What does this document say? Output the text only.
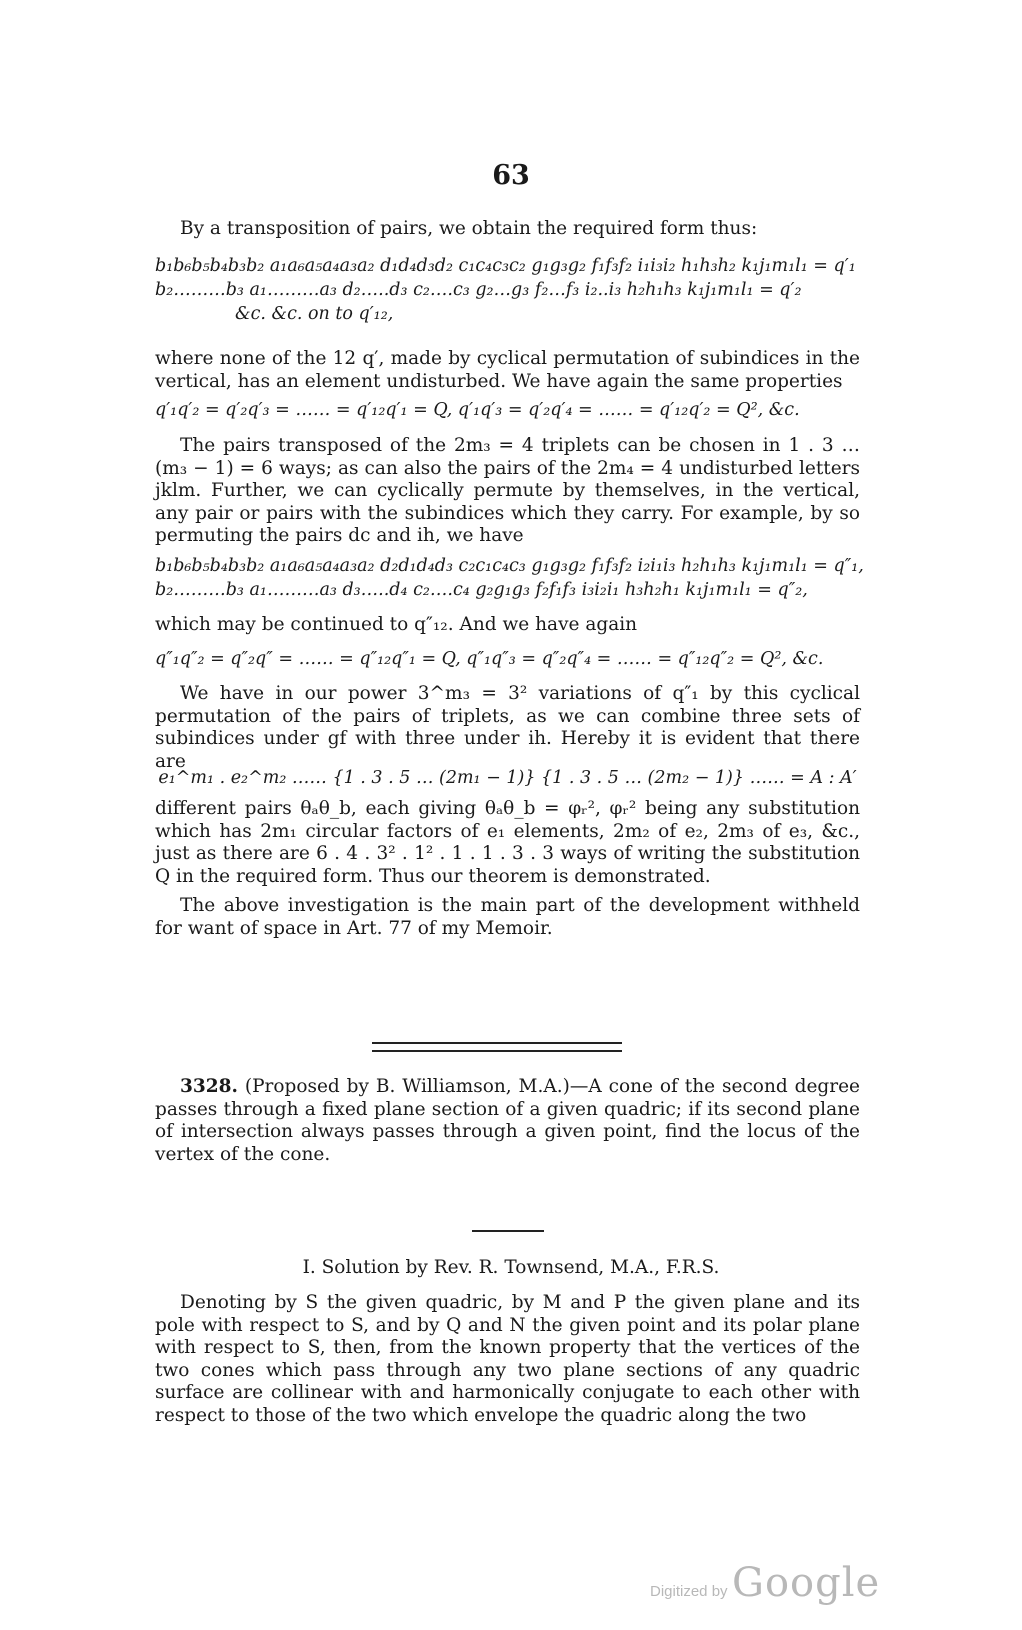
63

By a transposition of pairs, we obtain the required form thus:

b₁b₆b₅b₄b₃b₂ a₁a₆a₅a₄a₃a₂ d₁d₄d₃d₂ c₁c₄c₃c₂ g₁g₃g₂ f₁f₃f₂ i₁i₃i₂ h₁h₃h₂ k₁j₁m₁l₁ = q′₁
b₂………b₃ a₁………a₃ d₂…..d₃ c₂….c₃ g₂…g₃ f₂…f₃ i₂..i₃ h₂h₁h₃ k₁j₁m₁l₁ = q′₂
&c. &c. on to q′₁₂,

where none of the 12 q′, made by cyclical permutation of subindices in the vertical, has an element undisturbed. We have again the same properties

q′₁q′₂ = q′₂q′₃ = …… = q′₁₂q′₁ = Q, q′₁q′₃ = q′₂q′₄ = …… = q′₁₂q′₂ = Q², &c.

The pairs transposed of the 2m₃ = 4 triplets can be chosen in 1 . 3 … (m₃ − 1) = 6 ways; as can also the pairs of the 2m₄ = 4 undisturbed letters jklm. Further, we can cyclically permute by themselves, in the vertical, any pair or pairs with the subindices which they carry. For example, by so permuting the pairs dc and ih, we have

b₁b₆b₅b₄b₃b₂ a₁a₆a₅a₄a₃a₂ d₂d₁d₄d₃ c₂c₁c₄c₃ g₁g₃g₂ f₁f₃f₂ i₂i₁i₃ h₂h₁h₃ k₁j₁m₁l₁ = q″₁,
b₂………b₃ a₁………a₃ d₃…..d₄ c₂….c₄ g₂g₁g₃ f₂f₁f₃ i₃i₂i₁ h₃h₂h₁ k₁j₁m₁l₁ = q″₂,

which may be continued to q″₁₂. And we have again

q″₁q″₂ = q″₂q″ = …… = q″₁₂q″₁ = Q, q″₁q″₃ = q″₂q″₄ = …… = q″₁₂q″₂ = Q², &c.

We have in our power 3^m₃ = 3² variations of q″₁ by this cyclical permutation of the pairs of triplets, as we can combine three sets of subindices under gf with three under ih. Hereby it is evident that there are

e₁^m₁ . e₂^m₂ …… {1 . 3 . 5 … (2m₁ − 1)} {1 . 3 . 5 … (2m₂ − 1)} …… = A : A′

different pairs θₐθ_b, each giving θₐθ_b = φᵣ², φᵣ² being any substitution which has 2m₁ circular factors of e₁ elements, 2m₂ of e₂, 2m₃ of e₃, &c., just as there are 6 . 4 . 3² . 1² . 1 . 1 . 3 . 3 ways of writing the substitution Q in the required form. Thus our theorem is demonstrated.

The above investigation is the main part of the development withheld for want of space in Art. 77 of my Memoir.

3328. (Proposed by B. Williamson, M.A.)—A cone of the second degree passes through a fixed plane section of a given quadric; if its second plane of intersection always passes through a given point, find the locus of the vertex of the cone.

I. Solution by Rev. R. Townsend, M.A., F.R.S.

Denoting by S the given quadric, by M and P the given plane and its pole with respect to S, and by Q and N the given point and its polar plane with respect to S, then, from the known property that the vertices of the two cones which pass through any two plane sections of any quadric surface are collinear with and harmonically conjugate to each other with respect to those of the two which envelope the quadric along the two

Digitized by Google
